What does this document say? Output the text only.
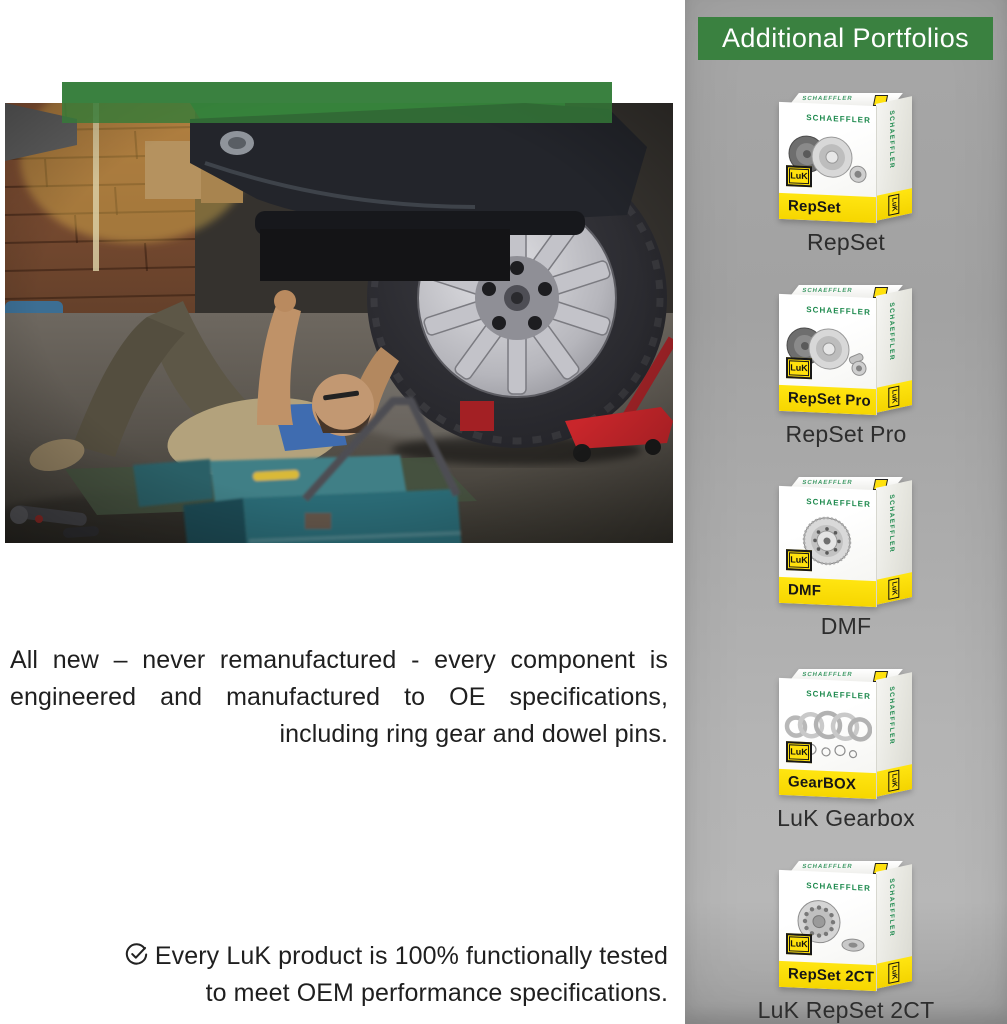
All new – never remanufactured - every component is
engineered and manufactured to OE specifications,
including ring gear and dowel pins.
Every LuK product is 100% functionally tested
to meet OEM performance specifications.
Additional Portfolios
SCHAEFFLER
SCHAEFFLER
LuK
SCHAEFFLER
LuK
RepSet
RepSet
SCHAEFFLER
SCHAEFFLER
LuK
SCHAEFFLER
LuK
RepSet Pro
RepSet Pro
SCHAEFFLER
SCHAEFFLER
LuK
SCHAEFFLER
LuK
DMF
DMF
SCHAEFFLER
SCHAEFFLER
LuK
SCHAEFFLER
LuK
GearBOX
LuK Gearbox
SCHAEFFLER
SCHAEFFLER
LuK
SCHAEFFLER
LuK
RepSet 2CT
LuK RepSet 2CT
